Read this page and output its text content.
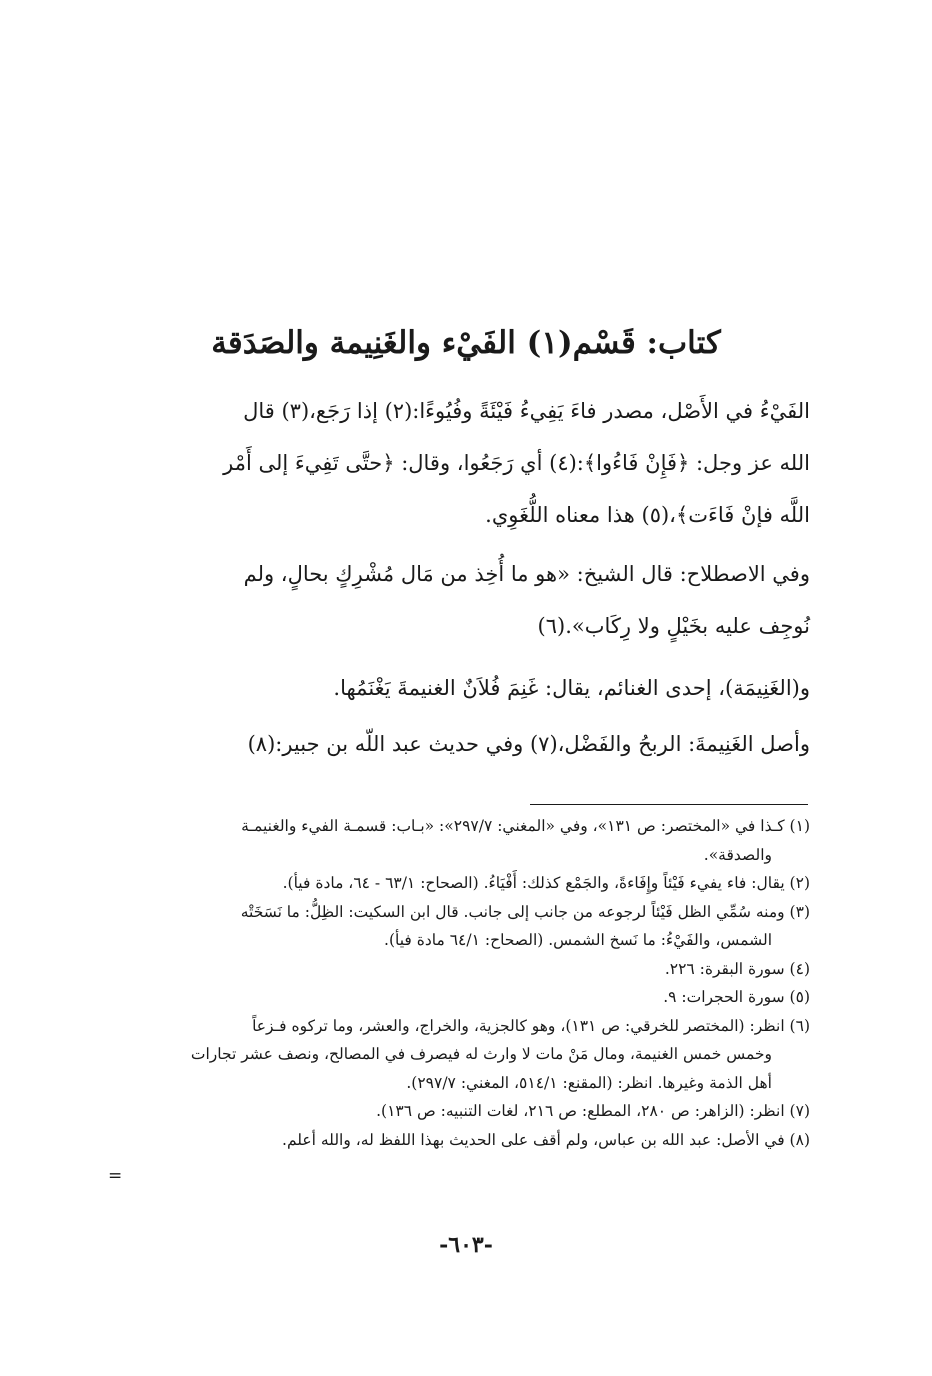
كتاب: قَسْم(١) الفَيْء والغَنِيمة والصَدَقة
الفَيْءُ في الأَصْل، مصدر فاءَ يَفِيءُ فَيْئَةً وفُيُوءًا:(٢) إذا رَجَع،(٣) قال
الله عز وجل: ﴿فَإِنْ فَاءُوا﴾:(٤) أي رَجَعُوا، وقال: ﴿حتَّى تَفِيءَ إلى أَمْر
اللَّه فإنْ فَاءَت﴾،(٥) هذا معناه اللُّغَوِي.
وفي الاصطلاح: قال الشيخ: «هو ما أُخِذ من مَال مُشْرِكٍ بحالٍ، ولم
نُوجِف عليه بخَيْلٍ ولا رِكَاب».(٦)
و(الغَنِيمَة)، إحدى الغنائم، يقال: غَنِمَ فُلاَنٌ الغنيمةَ يَغْنَمُها.
وأصل الغَنِيمةَ: الربحُ والفَضْل،(٧) وفي حديث عبد اللّه بن جبير:(٨)
(١) كـذا في «المختصر: ص ١٣١»، وفي «المغني: ٢٩٧/٧»: «بـاب: قسمـة الفيء والغنيمـة
والصدقة».
(٢) يقال: فاء يفيء فَيْئاً وإِفَاءةً، والجَمْع كذلك: أَفْيَاءُ. (الصحاح: ٦٣/١ - ٦٤، مادة فيأ).
(٣) ومنه سُمِّي الظل فَيْئاً لرجوعه من جانب إلى جانب. قال ابن السكيت: الظِلُّ: ما نَسَخَتْه
الشمس، والفَيْءُ: ما نَسخ الشمس. (الصحاح: ٦٤/١ مادة فيأ).
(٤) سورة البقرة: ٢٢٦.
(٥) سورة الحجرات: ٩.
(٦) انظر: (المختصر للخرقي: ص ١٣١)، وهو كالجزية، والخراج، والعشر، وما تركوه فـزعاً
وخمس خمس الغنيمة، ومال مَنْ مات لا وارث له فيصرف في المصالح، ونصف عشر تجارات
أهل الذمة وغيرها. انظر: (المقنع: ٥١٤/١، المغني: ٢٩٧/٧).
(٧) انظر: (الزاهر: ص ٢٨٠، المطلع: ص ٢١٦، لغات التنبيه: ص ١٣٦).
(٨) في الأصل: عبد الله بن عباس، ولم أقف على الحديث بهذا اللفظ له، والله أعلم.
=
-٦٠٣-
